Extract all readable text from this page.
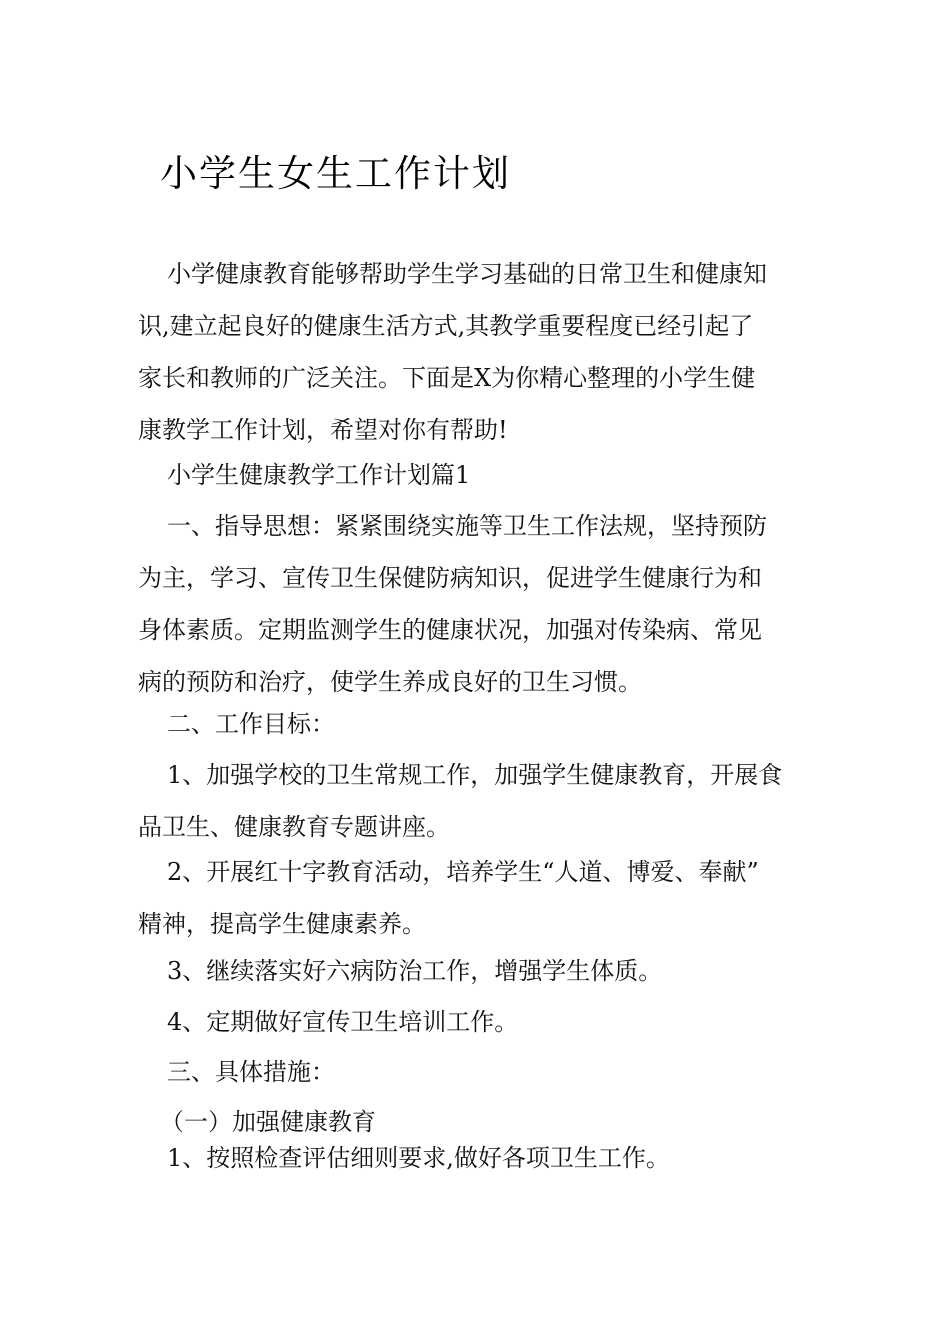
小学生女生工作计划
小学健康教育能够帮助学生学习基础的日常卫生和健康知
识,建立起良好的健康生活方式,其教学重要程度已经引起了
家长和教师的广泛关注。下面是X为你精心整理的小学生健
康教学工作计划，希望对你有帮助!
小学生健康教学工作计划篇1
一、指导思想：紧紧围绕实施等卫生工作法规，坚持预防
为主，学习、宣传卫生保健防病知识，促进学生健康行为和
身体素质。定期监测学生的健康状况，加强对传染病、常见
病的预防和治疗，使学生养成良好的卫生习惯。
二、工作目标：
1、加强学校的卫生常规工作，加强学生健康教育，开展食
品卫生、健康教育专题讲座。
2、开展红十字教育活动，培养学生“人道、博爱、奉献”
精神，提高学生健康素养。
3、继续落实好六病防治工作，增强学生体质。
4、定期做好宣传卫生培训工作。
三、具体措施：
（一）加强健康教育
1、按照检查评估细则要求,做好各项卫生工作。
